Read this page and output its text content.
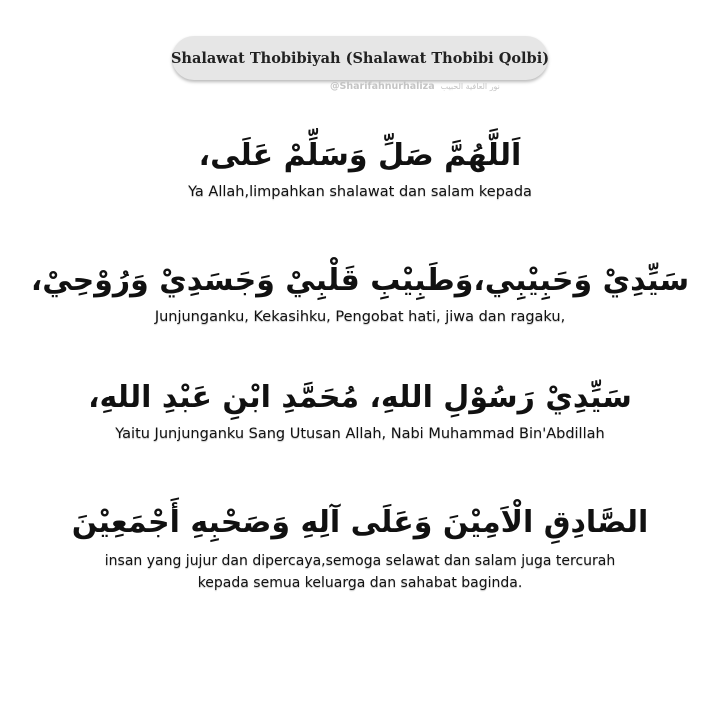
Shalawat Thobibiyah (Shalawat Thobibi Qolbi)
@Sharifahnurhaliza نور العافية الحبيب
اَللَّهُمَّ صَلِّ وَسَلِّمْ عَلَى،
Ya Allah,limpahkan shalawat dan salam kepada
سَيِّدِيْ وَحَبِيْبِي،وَطَبِيْبِ قَلْبِيْ وَجَسَدِيْ وَرُوْحِيْ،
Junjunganku, Kekasihku, Pengobat hati, jiwa dan ragaku,
سَيِّدِيْ رَسُوْلِ اللهِ، مُحَمَّدِ ابْنِ عَبْدِ اللهِ،
Yaitu Junjunganku Sang Utusan Allah, Nabi Muhammad Bin'Abdillah
الصَّادِقِ الْاَمِيْنَ وَعَلَى آلِهِ وَصَحْبِهِ أَجْمَعِيْنَ
insan yang jujur dan dipercaya,semoga selawat dan salam juga tercurah
kepada semua keluarga dan sahabat baginda.
